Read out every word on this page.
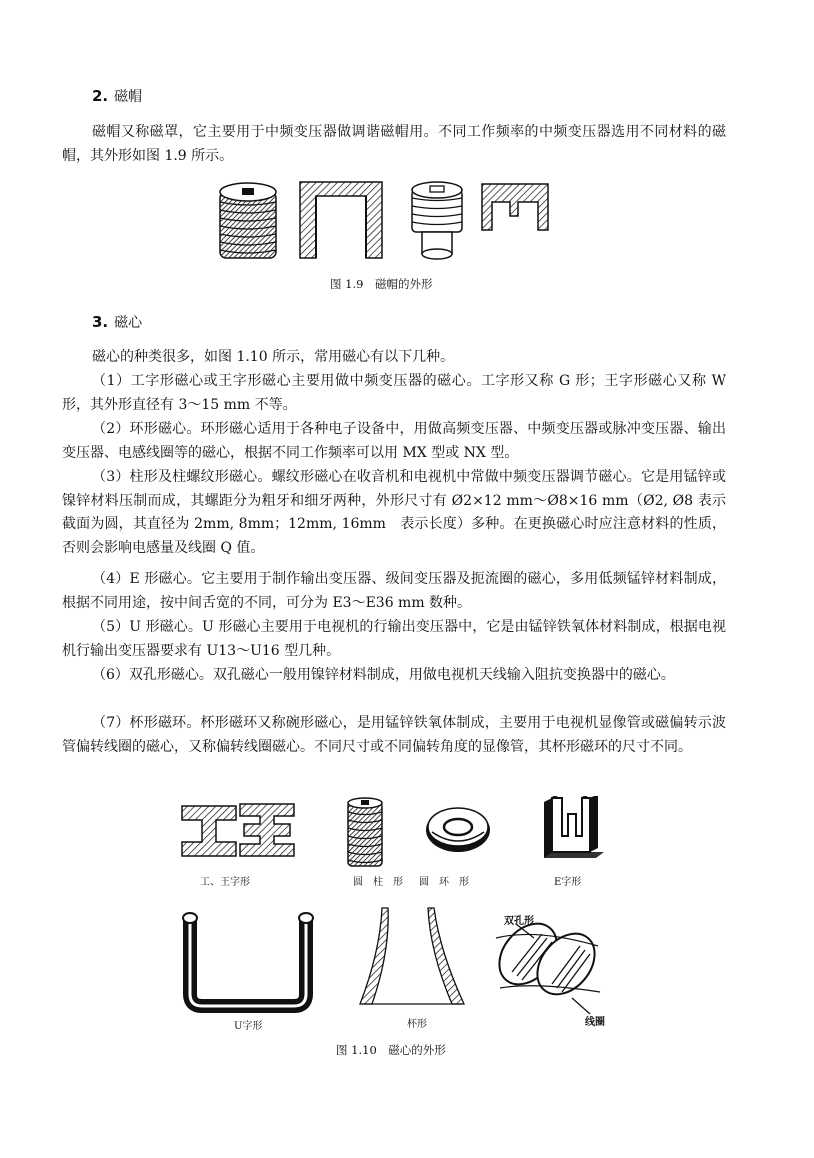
2. 磁帽

磁帽又称磁罩，它主要用于中频变压器做调谐磁帽用。不同工作频率的中频变压器选用不同材料的磁帽，其外形如图 1.9 所示。

图 1.9　磁帽的外形
3. 磁心

磁心的种类很多，如图 1.10 所示，常用磁心有以下几种。

（1）工字形磁心或王字形磁心主要用做中频变压器的磁心。工字形又称 G 形；王字形磁心又称 W 形，其外形直径有 3～15 mm 不等。

（2）环形磁心。环形磁心适用于各种电子设备中，用做高频变压器、中频变压器或脉冲变压器、输出变压器、电感线圈等的磁心，根据不同工作频率可以用 MX 型或 NX 型。

（3）柱形及柱螺纹形磁心。螺纹形磁心在收音机和电视机中常做中频变压器调节磁心。它是用锰锌或镍锌材料压制而成，其螺距分为粗牙和细牙两种，外形尺寸有 Ø2×12 mm～Ø8×16 mm（Ø2, Ø8 表示截面为圆，其直径为 2mm, 8mm；12mm, 16mm　表示长度）多种。在更换磁心时应注意材料的性质，否则会影响电感量及线圈 Q 值。

（4）E 形磁心。它主要用于制作输出变压器、级间变压器及扼流圈的磁心，多用低频锰锌材料制成，根据不同用途，按中间舌宽的不同，可分为 E3～E36 mm 数种。

（5）U 形磁心。U 形磁心主要用于电视机的行输出变压器中，它是由锰锌铁氧体材料制成，根据电视机行输出变压器要求有 U13～U16 型几种。

（6）双孔形磁心。双孔磁心一般用镍锌材料制成，用做电视机天线输入阻抗变换器中的磁心。

（7）杯形磁环。杯形磁环又称碗形磁心，是用锰锌铁氧体制成，主要用于电视机显像管或磁偏转示波管偏转线圈的磁心，又称偏转线圈磁心。不同尺寸或不同偏转角度的显像管，其杯形磁环的尺寸不同。

工、王字形	圆　柱　形 圆　环　形	E字形
双孔形
U字形	杯形	线圈
图 1.10　磁心的外形
